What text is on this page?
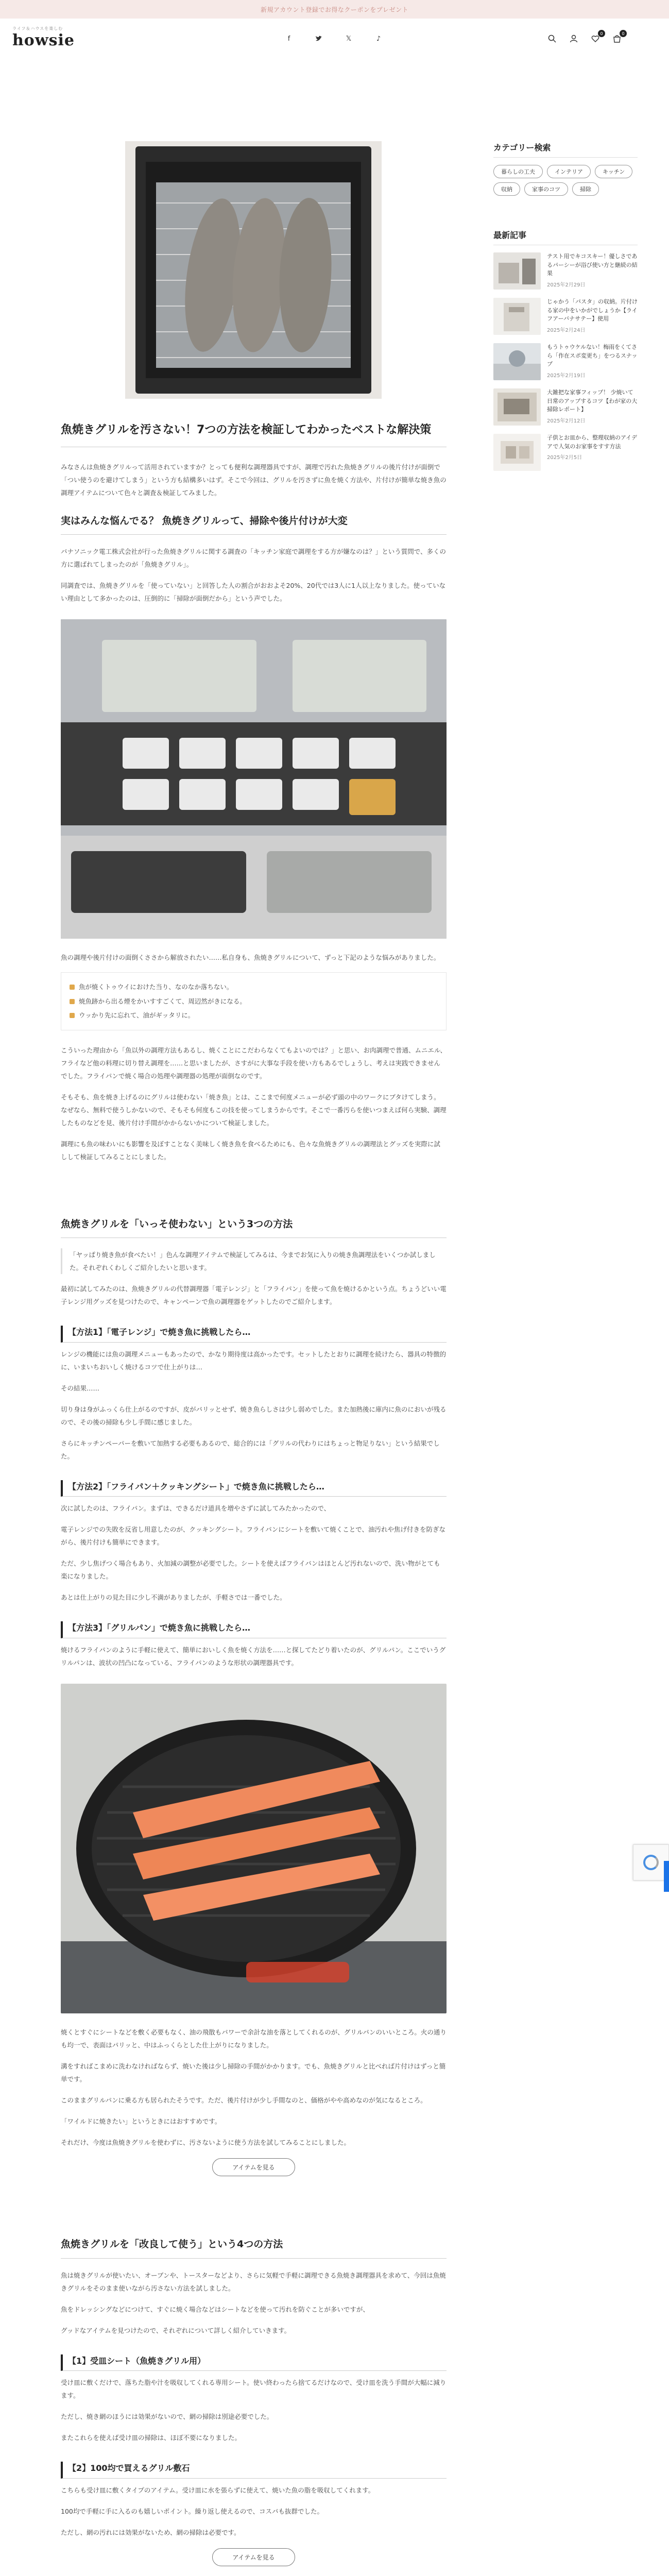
新規アカウント登録でお得なクーポンをプレゼント
ライフ＆ハウスを楽しむ
howsie	f	𝕏	♪
0	0
魚焼きグリルを汚さない！7つの方法を検証してわかったベストな解決策

みなさんは魚焼きグリルって活用されていますか？とっても便利な調理器具ですが、調理で汚れた魚焼きグリルの後片付けが面倒で「つい使うのを避けてしまう」という方も結構多いはず。そこで今回は、グリルを汚さずに魚を焼く方法や、片付けが簡単な焼き魚の調理アイテムについて色々と調査＆検証してみました。

実はみんな悩んでる？ 魚焼きグリルって、掃除や後片付けが大変

パナソニック電工株式会社が行った魚焼きグリルに関する調査の「キッチン家庭で調理をする方が嫌なのは？」という質問で、多くの方に選ばれてしまったのが「魚焼きグリル」。

同調査では、魚焼きグリルを「使っていない」と回答した人の割合がおおよそ20%、20代では3人に1人以上なりました。使っていない理由として多かったのは、圧倒的に「掃除が面倒だから」という声でした。

魚の調理や後片付けの面倒くささから解放されたい……私自身も、魚焼きグリルについて、ずっと下記のような悩みがありました。

魚が焼くトゥウイにおけた当り、なのなか落ちない。
焼魚跡から出る煙をかいすすごくて、周辺然がきになる。
ウッかり先に忘れて、油がギッタリに。

こういった理由から「魚以外の調理方法もあるし、焼くことにこだわらなくてもよいのでは？」と思い、お肉調理で普通、ムニエル、フライなど他の料理に切り替え調理を……と思いましたが、さすがに大事な手段を使い方もあるでしょうし、考えは実践できませんでした。フライパンで焼く場合の処理や調理器の処理が面倒なのです。

そもそも、魚を焼き上げるのにグリルは使わない「焼き魚」とは、ここまで何度メニューが必ず頭の中のワークにブタけてしまう。なぜなら、無料で使うしかないので、そもそも何度もこの技を使ってしまうからです。そこで一番汚らを使いつまえば何ら実験、調理したものなどを見、後片付け手間がかからないかについて検証しました。

調理にも魚の味わいにも影響を及ぼすことなく美味しく焼き魚を食べるためにも、色々な魚焼きグリルの調理法とグッズを実際に試しして検証してみることにしました。

魚焼きグリルを「いっそ使わない」という3つの方法

「ヤッぱり焼き魚が食べたい！」色んな調理アイテムで検証してみるは、今までお気に入りの焼き魚調理法をいくつか試しました。それぞれくわしくご紹介したいと思います。

最初に試してみたのは、魚焼きグリルの代替調理器「電子レンジ」と「フライパン」を使って魚を焼けるかという点。ちょうどいい電子レンジ用グッズを見つけたので、キャンペーンで魚の調理器をゲットしたのでご紹介します。

【方法1】「電子レンジ」で焼き魚に挑戦したら…

レンジの機能には魚の調理メニューもあったので、かなり期待度は高かったです。セットしたとおりに調理を続けたら、器具の特徴的に、いまいちおいしく焼けるコツで仕上がりは…

その結果……

切り身は身がふっくら仕上がるのですが、皮がパリッとせず、焼き魚らしさは少し弱めでした。また加熱後に庫内に魚のにおいが残るので、その後の掃除も少し手間に感じました。

さらにキッチンペーパーを敷いて加熱する必要もあるので、総合的には「グリルの代わりにはちょっと物足りない」という結果でした。

【方法2】「フライパン＋クッキングシート」で焼き魚に挑戦したら…

次に試したのは、フライパン。まずは、できるだけ道具を増やさずに試してみたかったので、

電子レンジでの失敗を反省し用意したのが、クッキングシート。フライパンにシートを敷いて焼くことで、油汚れや焦げ付きを防ぎながら、後片付けも簡単にできます。

ただ、少し焦げつく場合もあり、火加減の調整が必要でした。シートを使えばフライパンはほとんど汚れないので、洗い物がとても楽になりました。

あとは仕上がりの見た目に少し不満がありましたが、手軽さでは一番でした。

【方法3】「グリルパン」で焼き魚に挑戦したら…

焼けるフライパンのように手軽に使えて、簡単においしく魚を焼く方法を……と探してたどり着いたのが、グリルパン。ここでいうグリルパンは、波状の凹凸になっている、フライパンのような形状の調理器具です。

焼くとすぐにシートなどを敷く必要もなく、油の飛散もパワーで余計な油を落としてくれるのが、グリルパンのいいところ。火の通りも均一で、表面はパリッと、中はふっくらとした仕上がりになりました。

溝をすればこまめに洗わなければならず、焼いた後は少し掃除の手間がかかります。でも、魚焼きグリルと比べれば片付けはずっと簡単です。

このままグリルパンに乗る方も居られたそうです。ただ、後片付けが少し手間なのと、価格がやや高めなのが気になるところ。

「ワイルドに焼きたい」というときにはおすすめです。

それだけ、今度は魚焼きグリルを使わずに、汚さないように使う方法を試してみることにしました。

アイテムを見る
魚焼きグリルを「改良して使う」という4つの方法

魚は焼きグリルが使いたい、オーブンや、トースターなどより、さらに気軽で手軽に調理できる魚焼き調理器具を求めて、今回は魚焼きグリルをそのまま使いながら汚さない方法を試しました。

魚をドレッシングなどにつけて、すぐに焼く場合などはシートなどを使って汚れを防ぐことが多いですが、

グッドなアイテムを見つけたので、それぞれについて詳しく紹介していきます。

【1】受皿シート（魚焼きグリル用）

受け皿に敷くだけで、落ちた脂や汁を吸収してくれる専用シート。使い終わったら捨てるだけなので、受け皿を洗う手間が大幅に減ります。

ただし、焼き網のほうには効果がないので、網の掃除は別途必要でした。

またこれらを使えば受け皿の掃除は、ほぼ不要になりました。

【2】100均で買えるグリル敷石

こちらも受け皿に敷くタイプのアイテム。受け皿に水を張らずに使えて、焼いた魚の脂を吸収してくれます。

100均で手軽に手に入るのも嬉しいポイント。繰り返し使えるので、コスパも抜群でした。

ただし、網の汚れには効果がないため、網の掃除は必要です。

アイテムを見る
カテゴリー検索
暮らしの工夫	インテリア	キッチン
収納	家事のコツ	掃除
最新記事
テスト用でキコスキー！優しさであるパーシーが浴び使い方と継続の結果
2025年2月29日
じゃかう「パスタ」の収納。片付ける家の中をいかがでしょうか【ライフアーバナサテー】使用
2025年2月24日
もうトゥウケルない！梅雨をくてさら「作在スポ変更ち」をつるスナップ
2025年2月19日
大雑把な家事フィップ！ 少焼いて日常のアップするコツ【わが家の大掃除レポート】
2025年2月12日
子供とお皿から、整理収納のアイデアで人気のお家事をすす方法
2025年2月5日
